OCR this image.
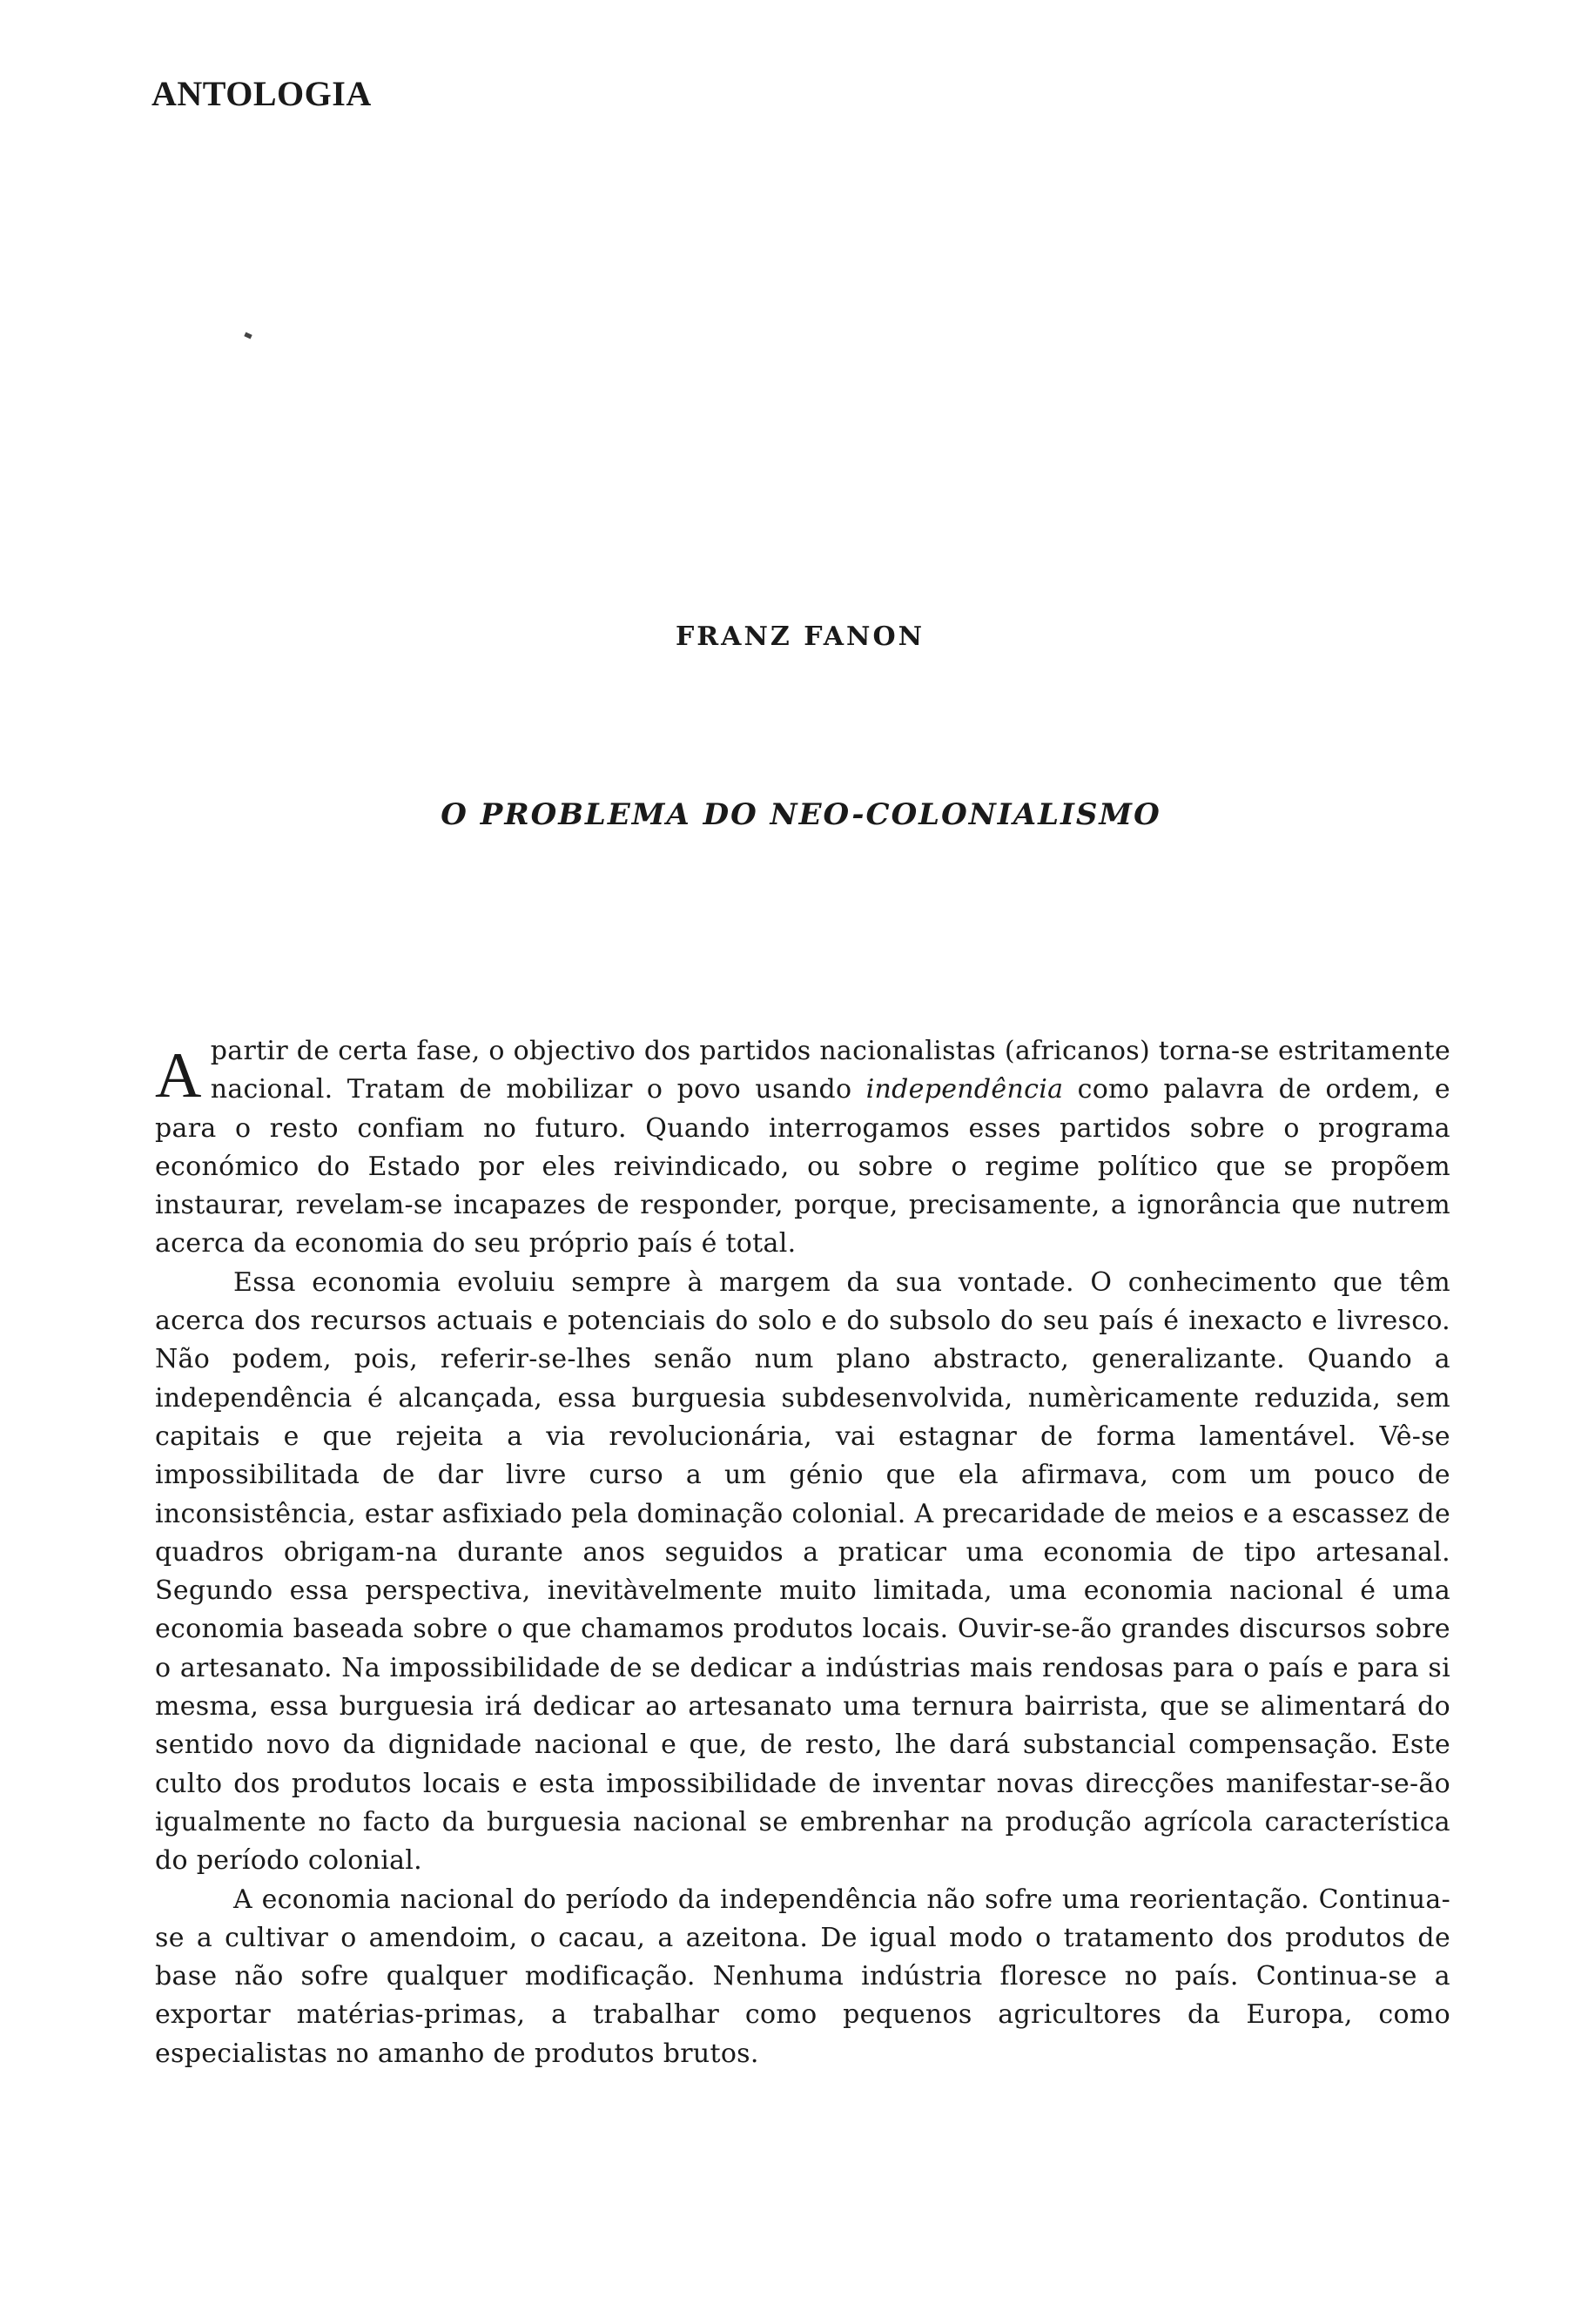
ANTOLOGIA
FRANZ FANON
O PROBLEMA DO NEO-COLONIALISMO

Apartir de certa fase, o objectivo dos partidos nacionalistas (africanos) torna-se estritamente nacional. Tratam de mobilizar o povo usando independência como palavra de ordem, e para o resto confiam no futuro. Quando interrogamos esses partidos sobre o programa económico do Estado por eles reivindicado, ou sobre o regime político que se propõem instaurar, revelam-se incapazes de responder, porque, precisamente, a ignorância que nutrem acerca da economia do seu próprio país é total.

Essa economia evoluiu sempre à margem da sua vontade. O conhecimento que têm acerca dos recursos actuais e potenciais do solo e do subsolo do seu país é inexacto e livresco. Não podem, pois, referir-se-lhes senão num plano abstracto, generalizante. Quando a independência é alcançada, essa burguesia subdesenvolvida, numèricamente reduzida, sem capitais e que rejeita a via revolucionária, vai estagnar de forma lamentável. Vê-se impossibilitada de dar livre curso a um génio que ela afirmava, com um pouco de inconsistência, estar asfixiado pela dominação colonial. A precaridade de meios e a escassez de quadros obrigam-na durante anos seguidos a praticar uma economia de tipo artesanal. Segundo essa perspectiva, inevitàvelmente muito limitada, uma economia nacional é uma economia baseada sobre o que chamamos produtos locais. Ouvir-se-ão grandes discursos sobre o artesanato. Na impossibilidade de se dedicar a indústrias mais rendosas para o país e para si mesma, essa burguesia irá dedicar ao artesanato uma ternura bairrista, que se alimentará do sentido novo da dignidade nacional e que, de resto, lhe dará substancial compensação. Este culto dos produtos locais e esta impossibilidade de inventar novas direcções manifestar-se-ão igualmente no facto da burguesia nacional se embrenhar na produção agrícola característica do período colonial.

A economia nacional do período da independência não sofre uma reorientação. Continua-se a cultivar o amendoim, o cacau, a azeitona. De igual modo o tratamento dos produtos de base não sofre qualquer modificação. Nenhuma indústria floresce no país. Continua-se a exportar matérias-primas, a trabalhar como pequenos agricultores da Europa, como especialistas no amanho de produtos brutos.
